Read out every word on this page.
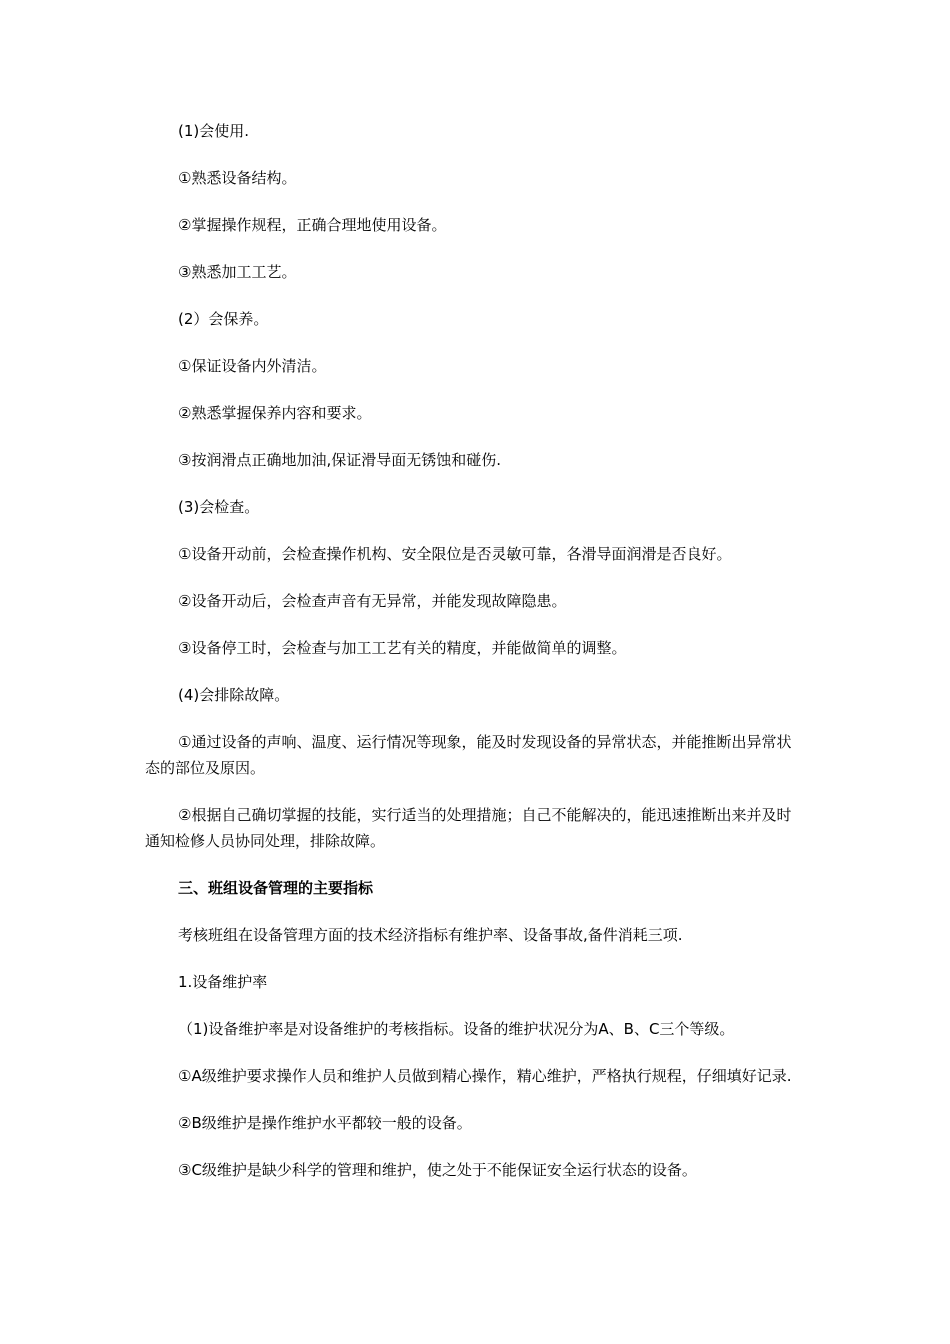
(1)会使用.

①熟悉设备结构。

②掌握操作规程，正确合理地使用设备。

③熟悉加工工艺。

(2）会保养。

①保证设备内外清洁。

②熟悉掌握保养内容和要求。

③按润滑点正确地加油,保证滑导面无锈蚀和碰伤.

(3)会检查。

①设备开动前，会检查操作机构、安全限位是否灵敏可靠，各滑导面润滑是否良好。

②设备开动后，会检查声音有无异常，并能发现故障隐患。

③设备停工时，会检查与加工工艺有关的精度，并能做简单的调整。

(4)会排除故障。

①通过设备的声响、温度、运行情况等现象，能及时发现设备的异常状态，并能推断出异常状态的部位及原因。

②根据自己确切掌握的技能，实行适当的处理措施；自己不能解决的，能迅速推断出来并及时通知检修人员协同处理，排除故障。

三、班组设备管理的主要指标

考核班组在设备管理方面的技术经济指标有维护率、设备事故,备件消耗三项.

1.设备维护率

（1)设备维护率是对设备维护的考核指标。设备的维护状况分为A、B、C三个等级。

①A级维护要求操作人员和维护人员做到精心操作，精心维护，严格执行规程，仔细填好记录.

②B级维护是操作维护水平都较一般的设备。

③C级维护是缺少科学的管理和维护，使之处于不能保证安全运行状态的设备。
